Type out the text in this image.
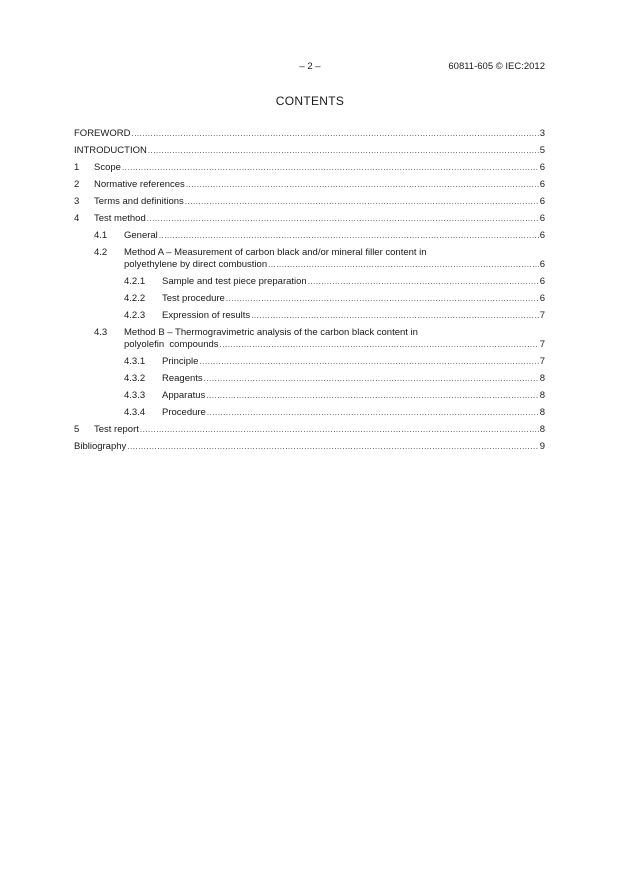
– 2 –	60811-605 © IEC:2012
CONTENTS
FOREWORD .....	3
INTRODUCTION .....	5
1	Scope .....	6
2	Normative references .....	6
3	Terms and definitions .....	6
4	Test method .....	6
4.1	General .....	6
4.2	Method A – Measurement of carbon black and/or mineral filler content in
polyethylene by direct combustion .....	6
4.2.1	Sample and test piece preparation .....	6
4.2.2	Test procedure .....	6
4.2.3	Expression of results .....	7
4.3	Method B – Thermogravimetric analysis of the carbon black content in
polyolefin  compounds .....	7
4.3.1	Principle .....	7
4.3.2	Reagents .....	8
4.3.3	Apparatus .....	8
4.3.4	Procedure .....	8
5	Test report .....	8
Bibliography .....	9
